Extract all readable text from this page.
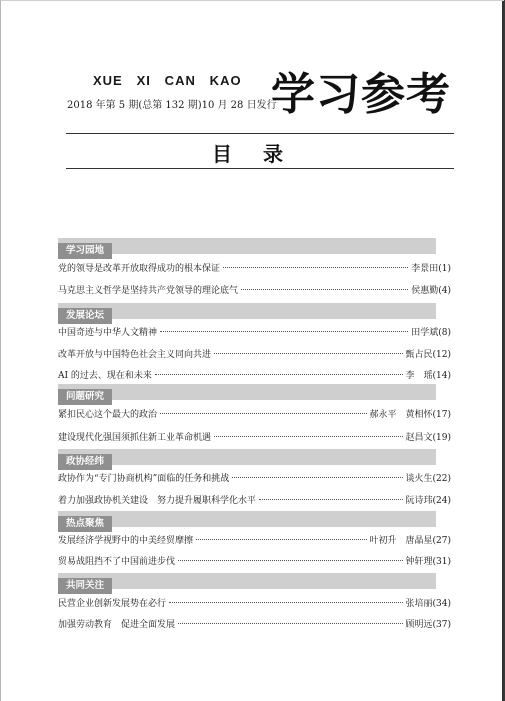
XUE   XI   CAN   KAO
2018 年第 5 期(总第 132 期)10 月 28 日发行
学习参考
目 录
学习园地
党的领导是改革开放取得成功的根本保证	李景田 (1)
马克思主义哲学是坚持共产党领导的理论底气	侯惠勤 (4)
发展论坛
中国奇迹与中华人文精神	田学斌 (8)
改革开放与中国特色社会主义同向共进	甄占民 (12)
AI 的过去、现在和未来	李　瑶 (14)
问题研究
紧扣民心这个最大的政治	郝永平　黄相怀 (17)
建设现代化强国须抓住新工业革命机遇	赵昌文 (19)
政协经纬
政协作为“专门协商机构”面临的任务和挑战	谈火生 (22)
着力加强政协机关建设　努力提升履职科学化水平	阮诗玮 (24)
热点聚焦
发展经济学视野中的中美经贸摩擦	叶初升　唐晶星 (27)
贸易战阻挡不了中国前进步伐	钟轩理 (31)
共同关注
民营企业创新发展势在必行	张培丽 (34)
加强劳动教育　促进全面发展	顾明远 (37)
